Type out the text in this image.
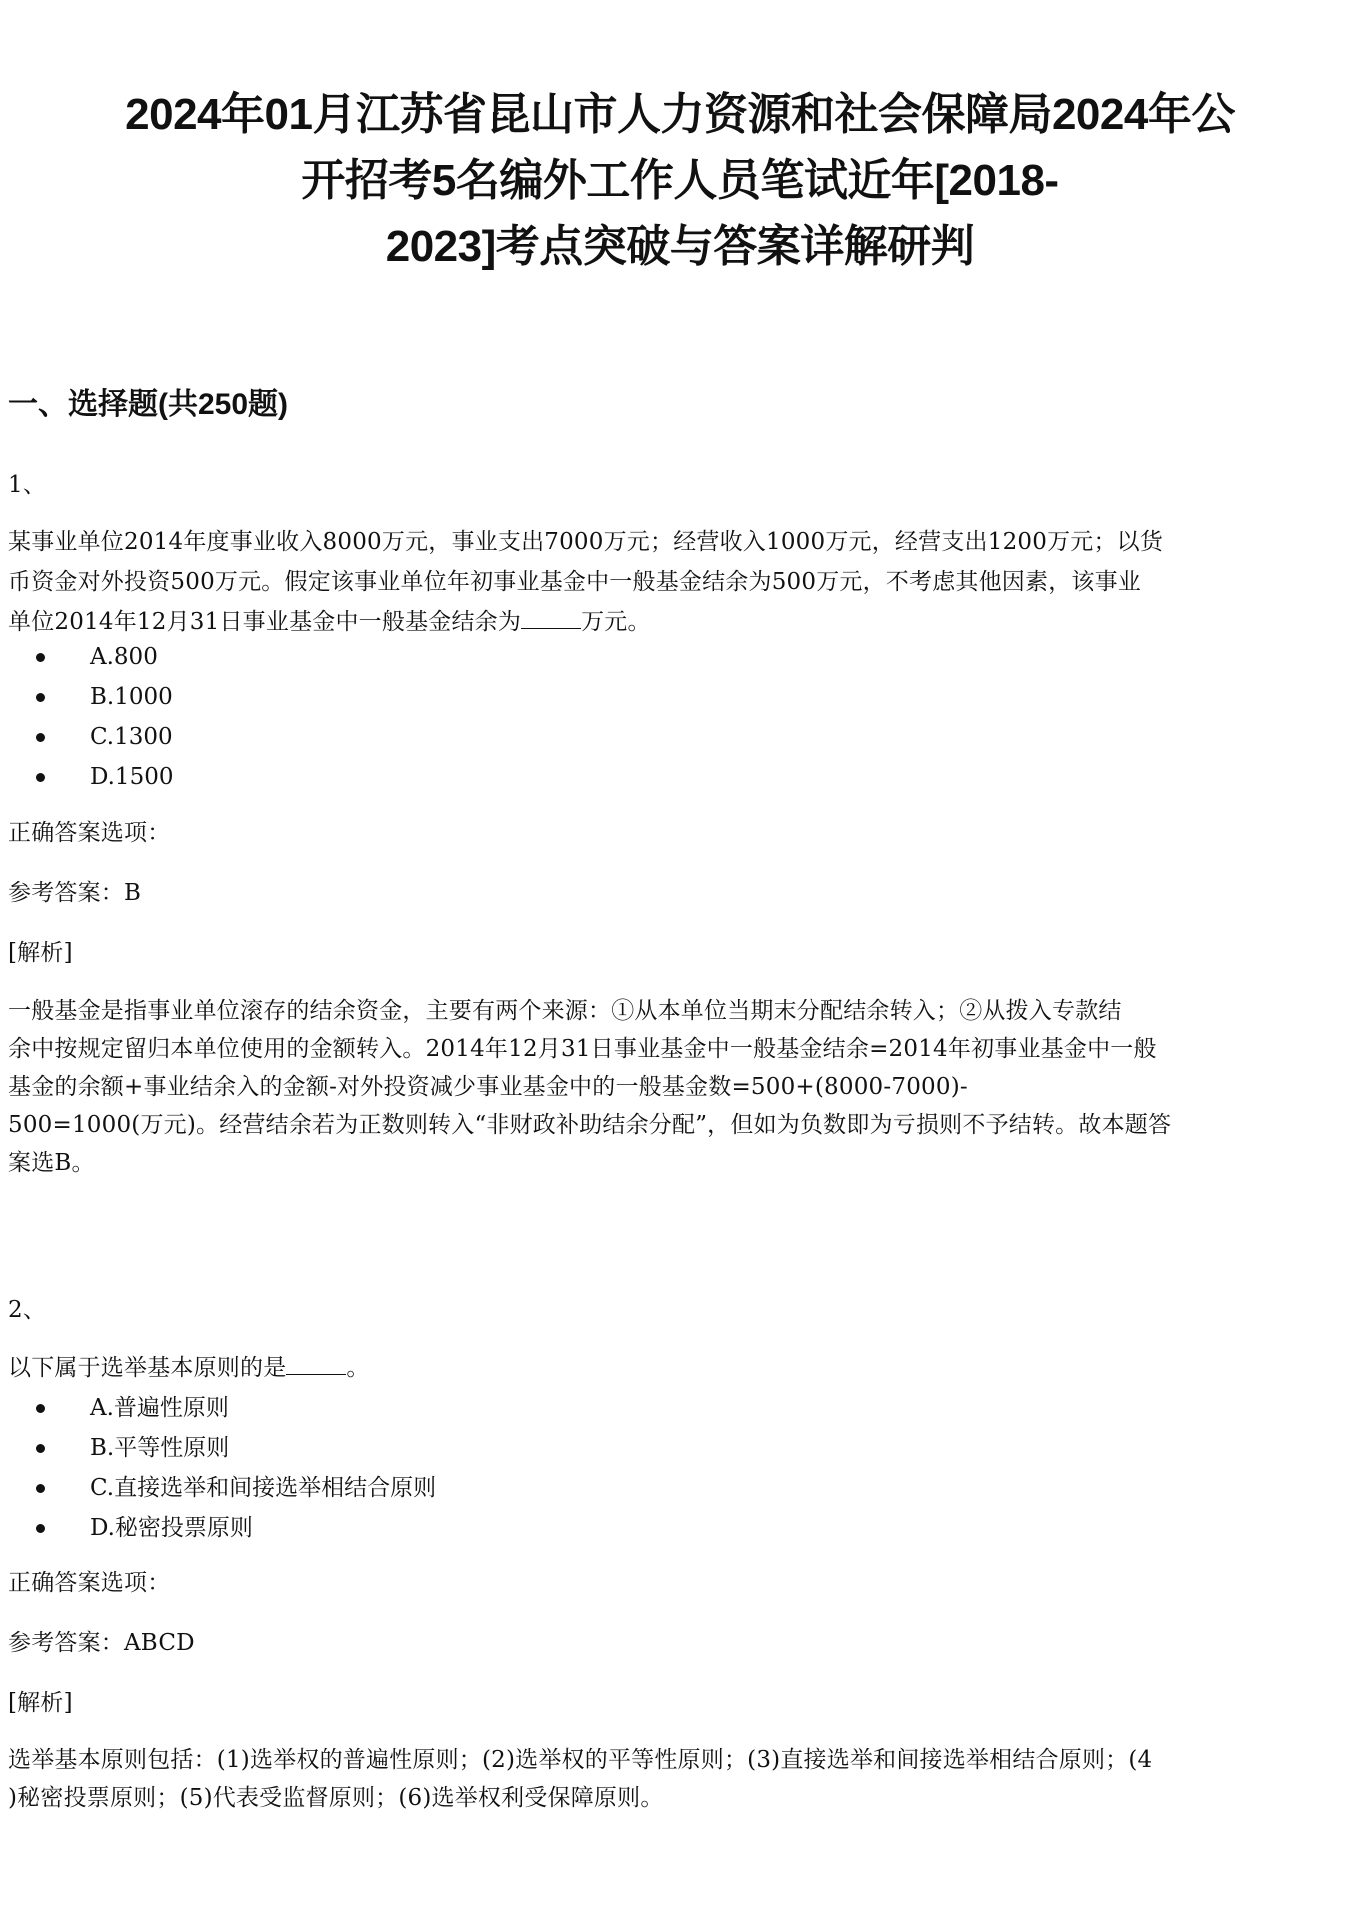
2024年01月江苏省昆山市人力资源和社会保障局2024年公
开招考5名编外工作人员笔试近年[2018-
2023]考点突破与答案详解研判
一、选择题(共250题)

1、

某事业单位2014年度事业收入8000万元，事业支出7000万元；经营收入1000万元，经营支出1200万元；以货
币资金对外投资500万元。假定该事业单位年初事业基金中一般基金结余为500万元，不考虑其他因素，该事业
单位2014年12月31日事业基金中一般基金结余为	万元。
A.800
B.1000
C.1300
D.1500

正确答案选项：

参考答案：B

[解析]

一般基金是指事业单位滚存的结余资金，主要有两个来源：①从本单位当期末分配结余转入；②从拨入专款结
余中按规定留归本单位使用的金额转入。2014年12月31日事业基金中一般基金结余=2014年初事业基金中一般
基金的余额+事业结余入的金额-对外投资减少事业基金中的一般基金数=500+(8000-7000)-
500=1000(万元)。经营结余若为正数则转入“非财政补助结余分配”，但如为负数即为亏损则不予结转。故本题答
案选B。

2、

以下属于选举基本原则的是	。
A.普遍性原则
B.平等性原则
C.直接选举和间接选举相结合原则
D.秘密投票原则

正确答案选项：

参考答案：ABCD

[解析]

选举基本原则包括：(1)选举权的普遍性原则；(2)选举权的平等性原则；(3)直接选举和间接选举相结合原则；(4
)秘密投票原则；(5)代表受监督原则；(6)选举权利受保障原则。
